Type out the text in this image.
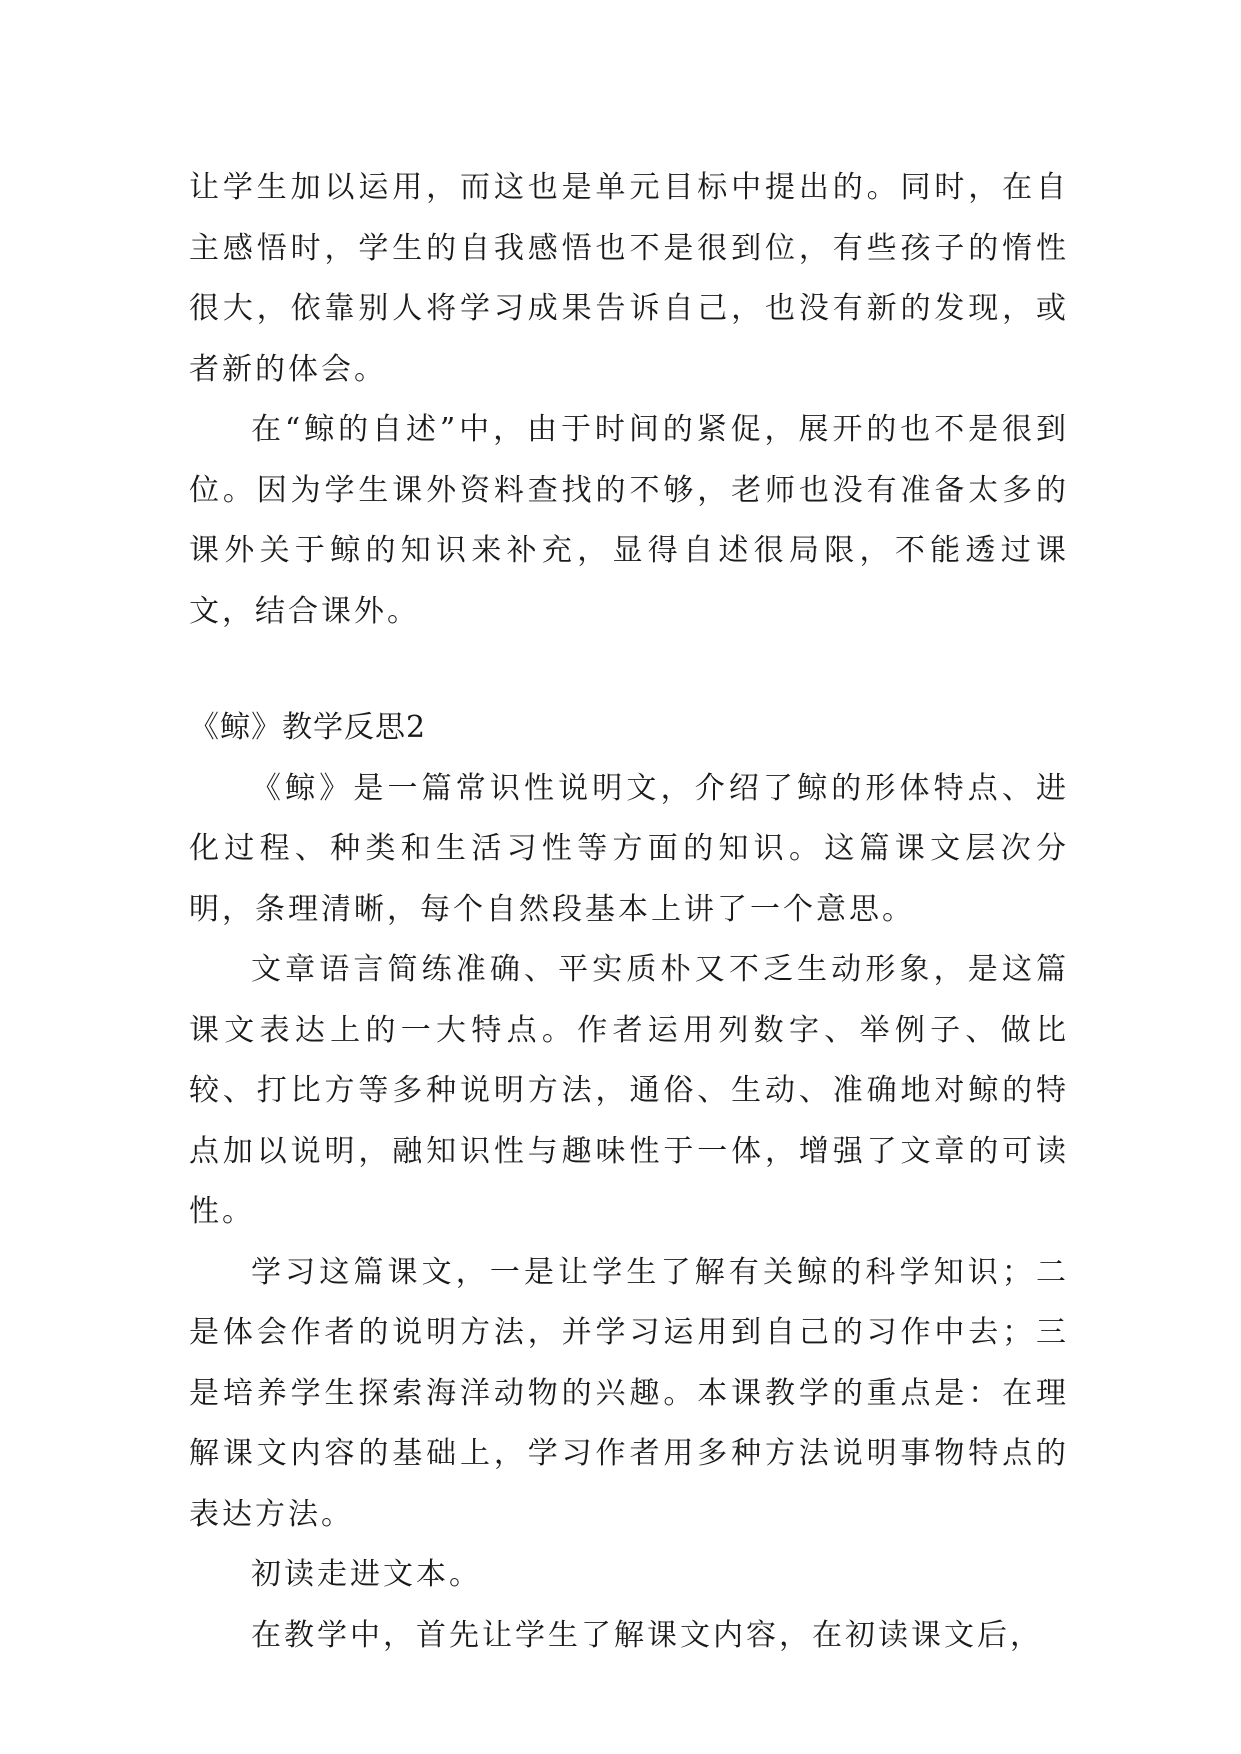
让学生加以运用，而这也是单元目标中提出的。同时，在自主感悟时，学生的自我感悟也不是很到位，有些孩子的惰性很大，依靠别人将学习成果告诉自己，也没有新的发现，或者新的体会。

在“鲸的自述”中，由于时间的紧促，展开的也不是很到位。因为学生课外资料查找的不够，老师也没有准备太多的课外关于鲸的知识来补充，显得自述很局限，不能透过课文，结合课外。

《鲸》教学反思2

《鲸》是一篇常识性说明文，介绍了鲸的形体特点、进化过程、种类和生活习性等方面的知识。这篇课文层次分明，条理清晰，每个自然段基本上讲了一个意思。

文章语言简练准确、平实质朴又不乏生动形象，是这篇课文表达上的一大特点。作者运用列数字、举例子、做比较、打比方等多种说明方法，通俗、生动、准确地对鲸的特点加以说明，融知识性与趣味性于一体，增强了文章的可读性。

学习这篇课文，一是让学生了解有关鲸的科学知识；二是体会作者的说明方法，并学习运用到自己的习作中去；三是培养学生探索海洋动物的兴趣。本课教学的重点是：在理解课文内容的基础上，学习作者用多种方法说明事物特点的表达方法。

初读走进文本。

在教学中，首先让学生了解课文内容，在初读课文后，
